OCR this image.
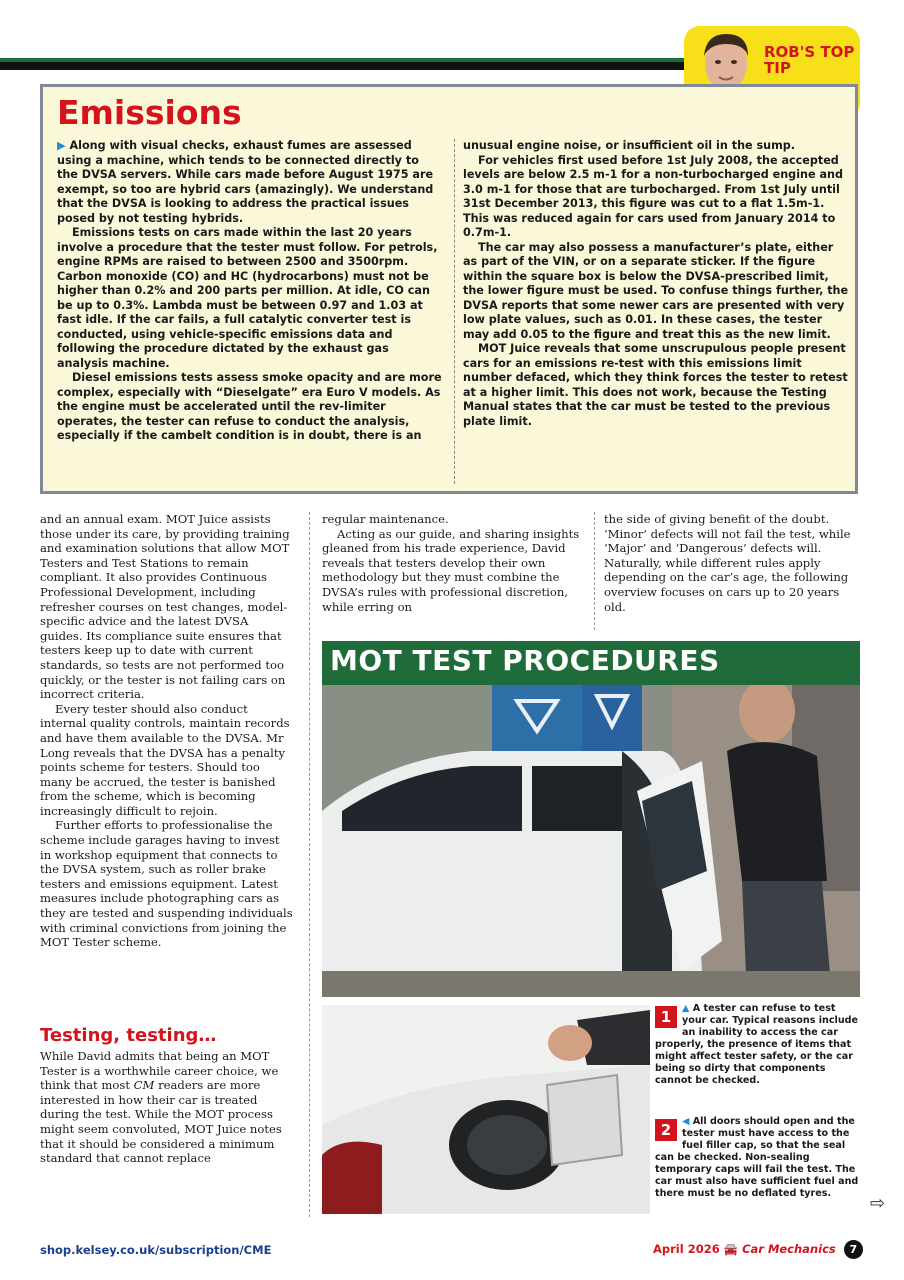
ROB'S TOP TIP
Emissions

▶ Along with visual checks, exhaust fumes are assessed using a machine, which tends to be connected directly to the DVSA servers. While cars made before August 1975 are exempt, so too are hybrid cars (amazingly). We understand that the DVSA is looking to address the practical issues posed by not testing hybrids.

Emissions tests on cars made within the last 20 years involve a procedure that the tester must follow. For petrols, engine RPMs are raised to between 2500 and 3500rpm. Carbon monoxide (CO) and HC (hydrocarbons) must not be higher than 0.2% and 200 parts per million. At idle, CO can be up to 0.3%. Lambda must be between 0.97 and 1.03 at fast idle. If the car fails, a full catalytic converter test is conducted, using vehicle-specific emissions data and following the procedure dictated by the exhaust gas analysis machine.

Diesel emissions tests assess smoke opacity and are more complex, especially with “Dieselgate” era Euro V models. As the engine must be accelerated until the rev-limiter operates, the tester can refuse to conduct the analysis, especially if the cambelt condition is in doubt, there is an

unusual engine noise, or insufficient oil in the sump.

For vehicles first used before 1st July 2008, the accepted levels are below 2.5 m-1 for a non-turbocharged engine and 3.0 m-1 for those that are turbocharged. From 1st July until 31st December 2013, this figure was cut to a flat 1.5m-1. This was reduced again for cars used from January 2014 to 0.7m-1.

The car may also possess a manufacturer’s plate, either as part of the VIN, or on a separate sticker. If the figure within the square box is below the DVSA-prescribed limit, the lower figure must be used. To confuse things further, the DVSA reports that some newer cars are presented with very low plate values, such as 0.01. In these cases, the tester may add 0.05 to the figure and treat this as the new limit.

MOT Juice reveals that some unscrupulous people present cars for an emissions re-test with this emissions limit number defaced, which they think forces the tester to retest at a higher limit. This does not work, because the Testing Manual states that the car must be tested to the previous plate limit.

and an annual exam. MOT Juice assists those under its care, by providing training and examination solutions that allow MOT Testers and Test Stations to remain compliant. It also provides Continuous Professional Development, including refresher courses on test changes, model-specific advice and the latest DVSA guides. Its compliance suite ensures that testers keep up to date with current standards, so tests are not performed too quickly, or the tester is not failing cars on incorrect criteria.

Every tester should also conduct internal quality controls, maintain records and have them available to the DVSA. Mr Long reveals that the DVSA has a penalty points scheme for testers. Should too many be accrued, the tester is banished from the scheme, which is becoming increasingly difficult to rejoin.

Further efforts to professionalise the scheme include garages having to invest in workshop equipment that connects to the DVSA system, such as roller brake testers and emissions equipment. Latest measures include photographing cars as they are tested and suspending individuals with criminal convictions from joining the MOT Tester scheme.

Testing, testing…

While David admits that being an MOT Tester is a worthwhile career choice, we think that most CM readers are more interested in how their car is treated during the test. While the MOT process might seem convoluted, MOT Juice notes that it should be considered a minimum standard that cannot replace

regular maintenance.

Acting as our guide, and sharing insights gleaned from his trade experience, David reveals that testers develop their own methodology but they must combine the DVSA’s rules with professional discretion, while erring on

the side of giving benefit of the doubt. ‘Minor’ defects will not fail the test, while ‘Major’ and ‘Dangerous’ defects will. Naturally, while different rules apply depending on the car’s age, the following overview focuses on cars up to 20 years old.

MOT TEST PROCEDURES
1	▲ A tester can refuse to test your car. Typical reasons include an inability to access the car properly, the presence of items that might affect tester safety, or the car being so dirty that components cannot be checked.
2	◀ All doors should open and the tester must have access to the fuel filler cap, so that the seal can be checked. Non-sealing temporary caps will fail the test. The car must also have sufficient fuel and there must be no deflated tyres.	⇨
shop.kelsey.co.uk/subscription/CME	April 2026 🚘 Car Mechanics 7
